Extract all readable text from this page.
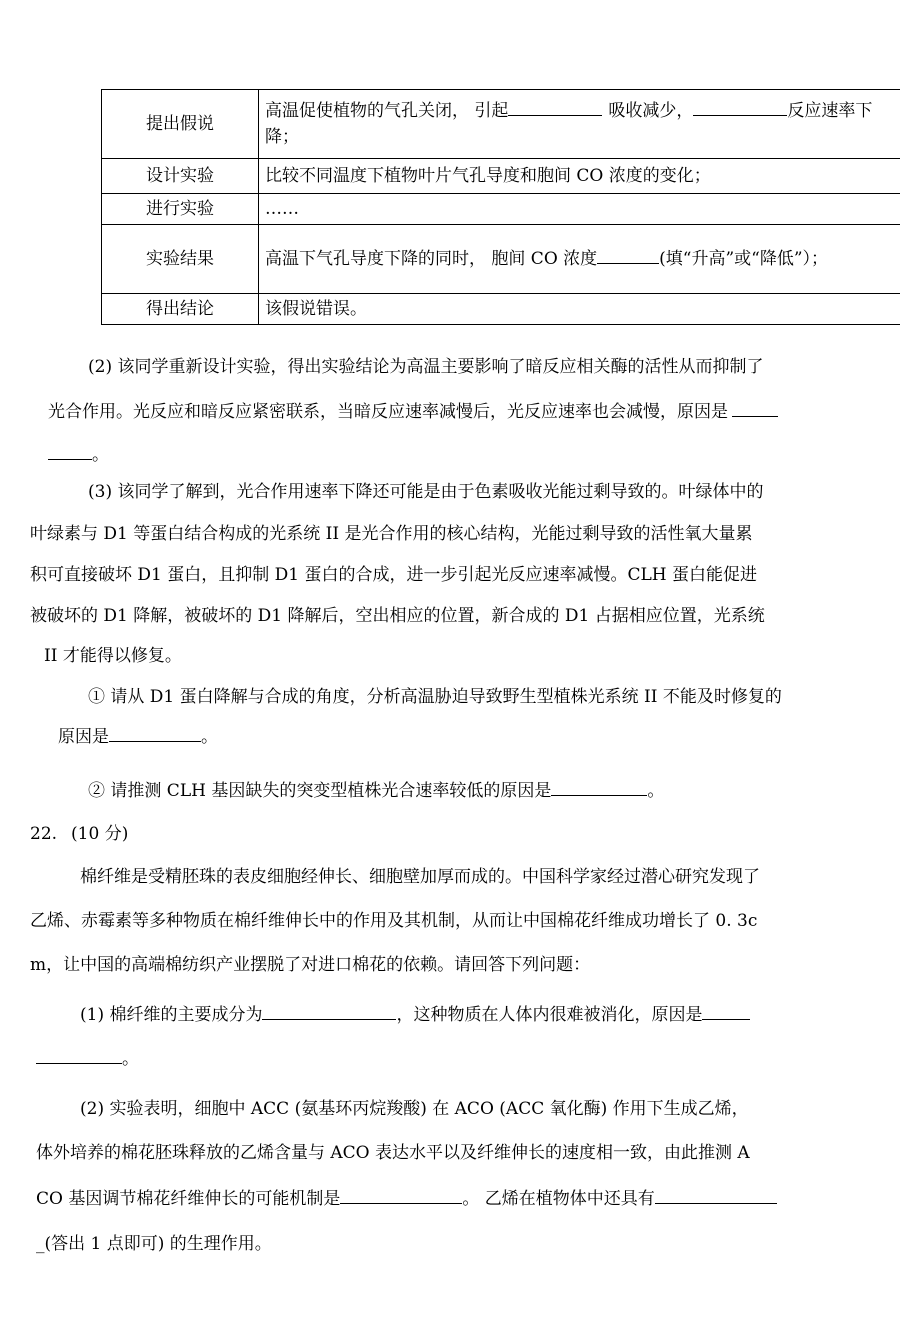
提出假说	高温促使植物的气孔关闭， 引起 吸收减少， 反应速率下
降；
设计实验	比较不同温度下植物叶片气孔导度和胞间 CO 浓度的变化；
进行实验	……
实验结果	高温下气孔导度下降的同时， 胞间 CO 浓度 (填“升高”或“降低”）；
得出结论	该假说错误。
(2) 该同学重新设计实验，得出实验结论为高温主要影响了暗反应相关酶的活性从而抑制了
光合作用。光反应和暗反应紧密联系，当暗反应速率减慢后，光反应速率也会减慢，原因是
。
(3) 该同学了解到，光合作用速率下降还可能是由于色素吸收光能过剩导致的。叶绿体中的
叶绿素与 D1 等蛋白结合构成的光系统 II 是光合作用的核心结构，光能过剩导致的活性氧大量累
积可直接破坏 D1 蛋白，且抑制 D1 蛋白的合成，进一步引起光反应速率减慢。CLH 蛋白能促进
被破坏的 D1 降解，被破坏的 D1 降解后，空出相应的位置，新合成的 D1 占据相应位置，光系统
II 才能得以修复。
① 请从 D1 蛋白降解与合成的角度，分析高温胁迫导致野生型植株光系统 II 不能及时修复的
原因是	。
② 请推测 CLH 基因缺失的突变型植株光合速率较低的原因是	。
22. (10 分)
棉纤维是受精胚珠的表皮细胞经伸长、细胞壁加厚而成的。中国科学家经过潜心研究发现了
乙烯、赤霉素等多种物质在棉纤维伸长中的作用及其机制，从而让中国棉花纤维成功增长了 0. 3c
m，让中国的高端棉纺织产业摆脱了对进口棉花的依赖。请回答下列问题：
(1) 棉纤维的主要成分为	，这种物质在人体内很难被消化，原因是
。
(2) 实验表明，细胞中 ACC (氨基环丙烷羧酸) 在 ACO (ACC 氧化酶) 作用下生成乙烯，
体外培养的棉花胚珠释放的乙烯含量与 ACO 表达水平以及纤维伸长的速度相一致，由此推测 A
CO 基因调节棉花纤维伸长的可能机制是	。 乙烯在植物体中还具有
_(答出 1 点即可) 的生理作用。
